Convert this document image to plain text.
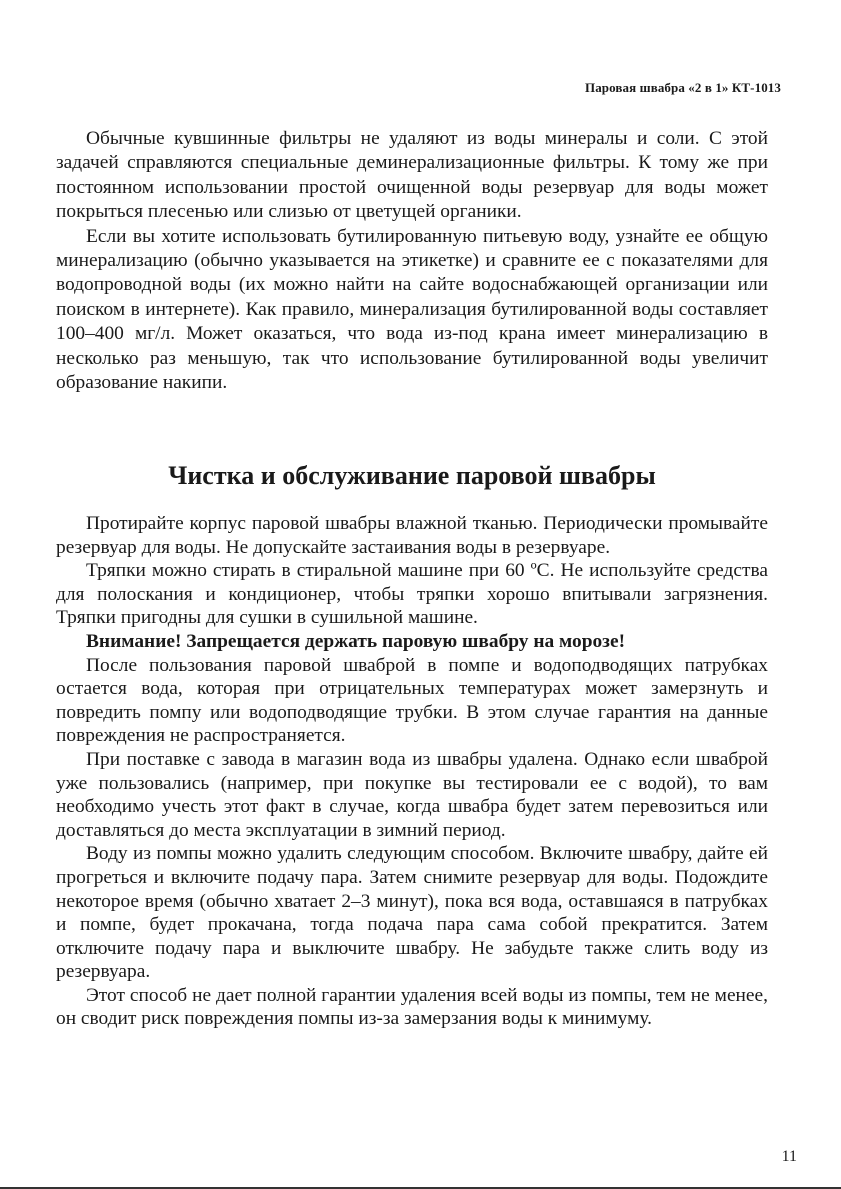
Паровая швабра «2 в 1» КТ-1013

Обычные кувшинные фильтры не удаляют из воды минералы и соли. С этой задачей справляются специальные деминерализационные фильтры. К тому же при постоянном использовании простой очищенной воды резервуар для воды может покрыться плесенью или слизью от цветущей органики.

Если вы хотите использовать бутилированную питьевую воду, узнайте ее общую минерализацию (обычно указывается на этикетке) и сравните ее с показателями для водопроводной воды (их можно найти на сайте водоснабжающей организации или поиском в интернете). Как правило, минерализация бутилированной воды составляет 100–400 мг/л. Может оказаться, что вода из-под крана имеет минерализацию в несколько раз меньшую, так что использование бутилированной воды увеличит образование накипи.

Чистка и обслуживание паровой швабры

Протирайте корпус паровой швабры влажной тканью. Периодически промывайте резервуар для воды. Не допускайте застаивания воды в резервуаре.

Тряпки можно стирать в стиральной машине при 60 ºC. Не используйте средства для полоскания и кондиционер, чтобы тряпки хорошо впитывали загрязнения. Тряпки пригодны для сушки в сушильной машине.

Внимание! Запрещается держать паровую швабру на морозе!

После пользования паровой шваброй в помпе и водоподводящих патрубках остается вода, которая при отрицательных температурах может замерзнуть и повредить помпу или водоподводящие трубки. В этом случае гарантия на данные повреждения не распространяется.

При поставке с завода в магазин вода из швабры удалена. Однако если шваброй уже пользовались (например, при покупке вы тестировали ее с водой), то вам необходимо учесть этот факт в случае, когда швабра будет затем перевозиться или доставляться до места эксплуатации в зимний период.

Воду из помпы можно удалить следующим способом. Включите швабру, дайте ей прогреться и включите подачу пара. Затем снимите резервуар для воды. Подождите некоторое время (обычно хватает 2–3 минут), пока вся вода, оставшаяся в патрубках и помпе, будет прокачана, тогда подача пара сама собой прекратится. Затем отключите подачу пара и выключите швабру. Не забудьте также слить воду из резервуара.

Этот способ не дает полной гарантии удаления всей воды из помпы, тем не менее, он сводит риск повреждения помпы из-за замерзания воды к минимуму.

11
